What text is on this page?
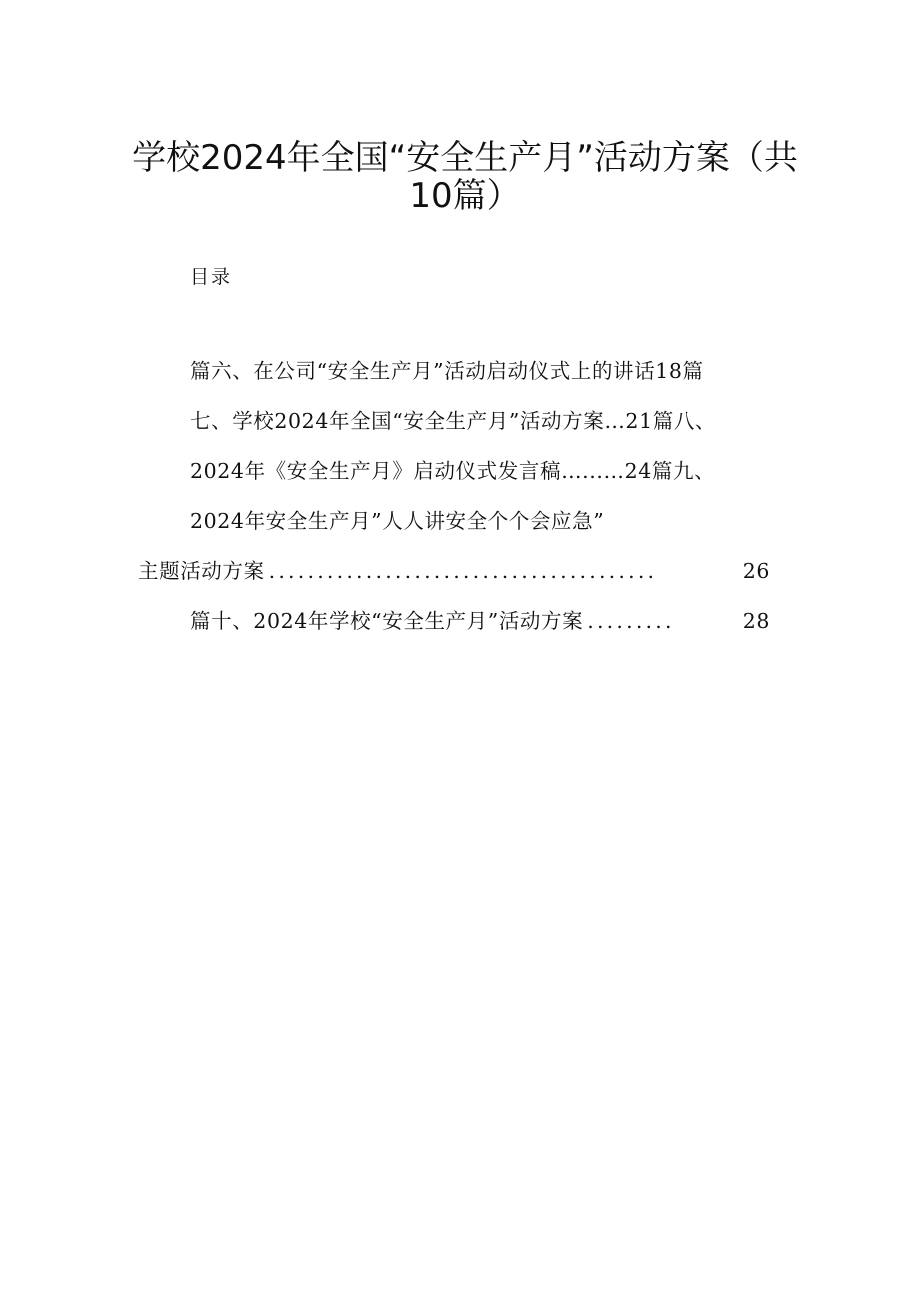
学校2024年全国“安全生产月”活动方案（共
10篇）

目录

篇六、在公司“安全生产月”活动启动仪式上的讲话18篇
七、学校2024年全国“安全生产月”活动方案…21篇八、
2024年《安全生产月》启动仪式发言稿…...…24篇九、
2024年安全生产月”人人讲安全个个会应急”
主题活动方案 ........................................	26
篇十、2024年学校“安全生产月”活动方案 .........	28
